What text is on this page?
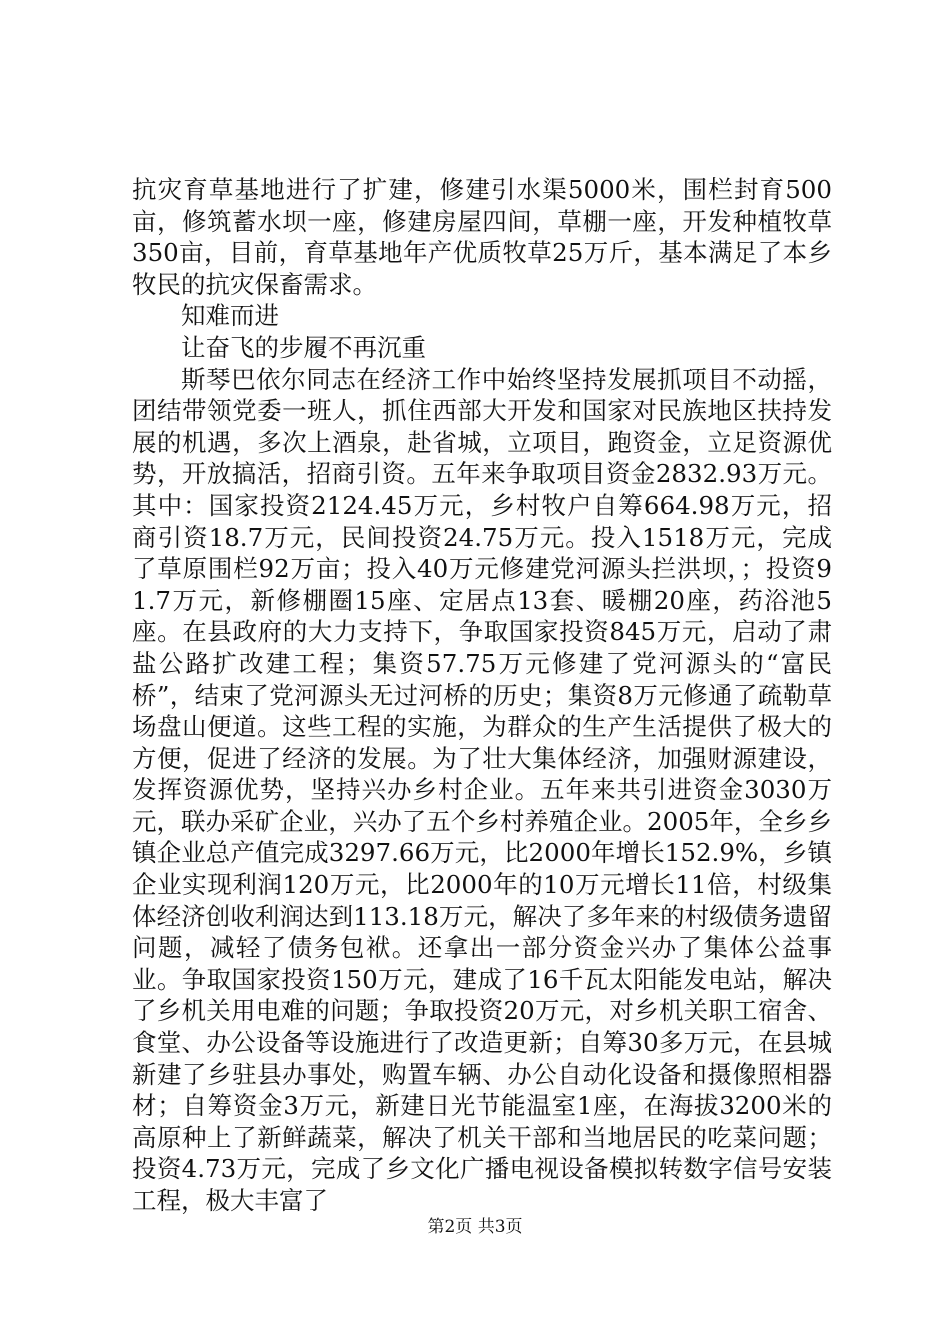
抗灾育草基地进行了扩建，修建引水渠5000米，围栏封育500亩，修筑蓄水坝一座，修建房屋四间，草棚一座，开发种植牧草350亩，目前，育草基地年产优质牧草25万斤，基本满足了本乡牧民的抗灾保畜需求。

知难而进

让奋飞的步履不再沉重

斯琴巴依尔同志在经济工作中始终坚持发展抓项目不动摇，团结带领党委一班人，抓住西部大开发和国家对民族地区扶持发展的机遇，多次上酒泉，赴省城，立项目，跑资金，立足资源优势，开放搞活，招商引资。五年来争取项目资金2832.93万元。其中：国家投资2124.45万元，乡村牧户自筹664.98万元，招商引资18.7万元，民间投资24.75万元。投入1518万元，完成了草原围栏92万亩；投入40万元修建党河源头拦洪坝，；投资91.7万元，新修棚圈15座、定居点13套、暖棚20座，药浴池5座。在县政府的大力支持下，争取国家投资845万元，启动了肃盐公路扩改建工程；集资57.75万元修建了党河源头的“富民桥”，结束了党河源头无过河桥的历史；集资8万元修通了疏勒草场盘山便道。这些工程的实施，为群众的生产生活提供了极大的方便，促进了经济的发展。为了壮大集体经济，加强财源建设，发挥资源优势，坚持兴办乡村企业。五年来共引进资金3030万元，联办采矿企业，兴办了五个乡村养殖企业。2005年，全乡乡镇企业总产值完成3297.66万元，比2000年增长152.9%，乡镇企业实现利润120万元，比2000年的10万元增长11倍，村级集体经济创收利润达到113.18万元，解决了多年来的村级债务遗留问题，减轻了债务包袱。还拿出一部分资金兴办了集体公益事业。争取国家投资150万元，建成了16千瓦太阳能发电站，解决了乡机关用电难的问题；争取投资20万元，对乡机关职工宿舍、食堂、办公设备等设施进行了改造更新；自筹30多万元，在县城新建了乡驻县办事处，购置车辆、办公自动化设备和摄像照相器材；自筹资金3万元，新建日光节能温室1座，在海拔3200米的高原种上了新鲜蔬菜，解决了机关干部和当地居民的吃菜问题；投资4.73万元，完成了乡文化广播电视设备模拟转数字信号安装工程，极大丰富了

第2页 共3页
